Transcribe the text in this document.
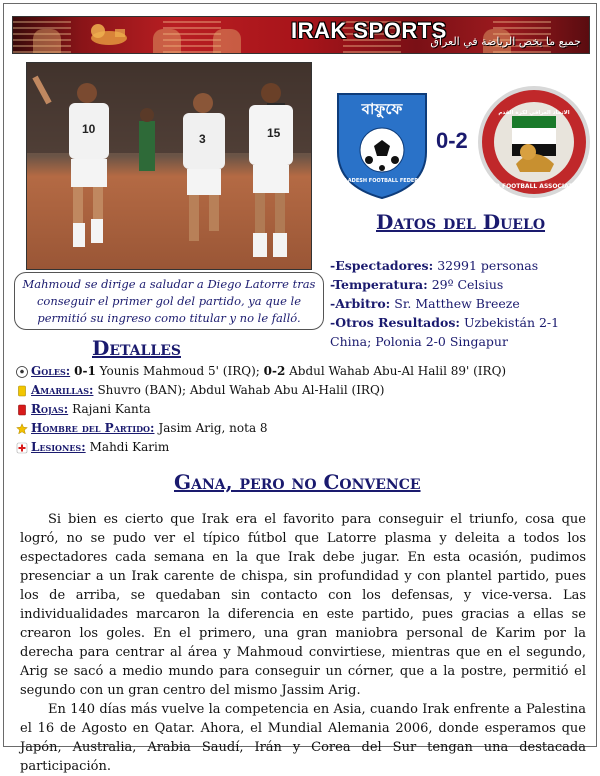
IRAK SPORTS
جميع ما يخص الرياضة في العراق
10
3	15
Mahmoud se dirige a saludar a Diego Latorre tras conseguir el primer gol del partido, ya que le permitió su ingreso como titular y no le falló.
বাফুফে
BANGLADESH FOOTBALL FEDERATION
0-2
الاتحاد العراقي لكرة القدم
IRAQ FOOTBALL ASSOCIATION
Datos del Duelo
-Espectadores: 32991 personas
-Temperatura: 29º Celsius
-Arbitro: Sr. Matthew Breeze
-Otros Resultados: Uzbekistán 2-1 China; Polonia 2-0 Singapur
Detalles
Goles: 0-1 Younis Mahmoud 5' (IRQ); 0-2 Abdul Wahab Abu-Al Halil 89' (IRQ)
Amarillas: Shuvro (BAN); Abdul Wahab Abu Al-Halil (IRQ)
Rojas: Rajani Kanta
Hombre del Partido: Jasim Arig, nota 8
Lesiones: Mahdi Karim
Gana, pero no Convence

Si bien es cierto que Irak era el favorito para conseguir el triunfo, cosa que logró, no se pudo ver el típico fútbol que Latorre plasma y deleita a todos los espectadores cada semana en la que Irak debe jugar. En esta ocasión, pudimos presenciar a un Irak carente de chispa, sin profundidad y con plantel partido, pues los de arriba, se quedaban sin contacto con los defensas, y vice-versa. Las individualidades marcaron la diferencia en este partido, pues gracias a ellas se crearon los goles. En el primero, una gran maniobra personal de Karim por la derecha para centrar al área y Mahmoud convirtiese, mientras que en el segundo, Arig se sacó a medio mundo para conseguir un córner, que a la postre, permitió el segundo con un gran centro del mismo Jassim Arig.

En 140 días más vuelve la competencia en Asia, cuando Irak enfrente a Palestina el 16 de Agosto en Qatar. Ahora, el Mundial Alemania 2006, donde esperamos que Japón, Australia, Arabia Saudí, Irán y Corea del Sur tengan una destacada participación.
